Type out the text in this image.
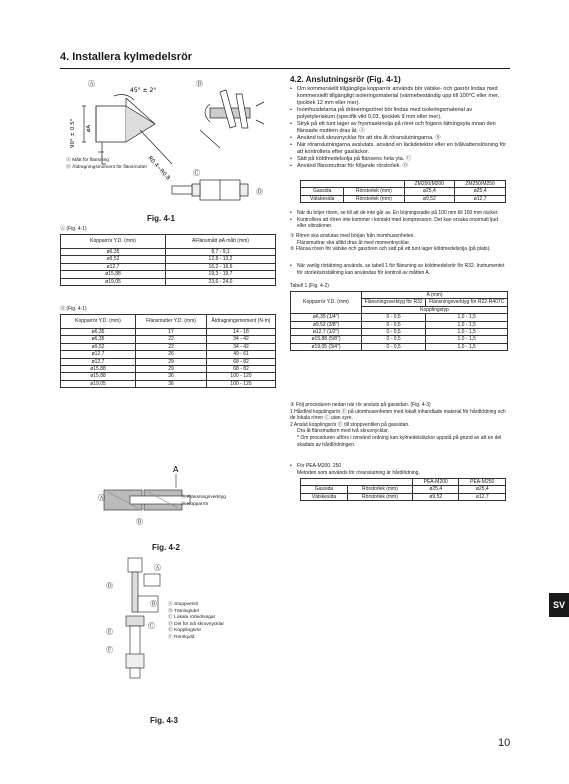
4. Installera kylmedelsrör
Ⓐ
45° ± 2°
90° ± 0.5° øA
R0.4~R0.8
Ⓑ
Ⓒ
Ⓓ
Ⓐ Mått för flänsning
Ⓑ Åtdragningsmoment för flänsmutter
Fig. 4-1
Ⓐ (Fig. 4-1)
Kopparrör Y.D. (mm)	AFlänsmått øA mått (mm)
ø6,35	8,7 - 9,1
ø9,52	12,8 - 13,2
ø12,7	16,2 - 16,6
ø15,88	19,3 - 19,7
ø19,05	23,6 - 24,0
Ⓑ (Fig. 4-1)
Kopparrör Y.D. (mm)	Flänsmutter Y.D. (mm)	Åtdragningsmoment (N·m)
ø6,35	17	14 - 18
ø6,35	22	34 - 42
ø9,52	22	34 - 42
ø12,7	26	49 - 61
ø12,7	29	68 - 82
ø15,88	29	68 - 82
ø15,88	36	100 - 120
ø19,05	36	100 - 120
A
Ⓐ
Ⓑ
Ⓐ Flänsningsverktyg
Ⓑ Kopparrör
Fig. 4-2
Ⓐ
Ⓑ
Ⓒ
Ⓓ
Ⓔ
Ⓕ
Ⓐ Stoppventil
Ⓑ Tätningsdel
Ⓒ Lokala rörledningar
Ⓓ Del för två skruvnycklar
Ⓔ Kopplingsrör
Ⓕ Rörskydd
Fig. 4-3
4.2. Anslutningsrör (Fig. 4-1)
• Om kommersiellt tillgängliga kopparrör används bör vätske- och gasrör lindas med kommersiellt tillgängligt isoleringsmaterial (värmebeständig upp till 100°C eller mer, tjocklek 12 mm eller mer).
• Inomhusdelarna på dräneringsröret bör lindas med isoleringsmaterial av polyetylenskum (specifik vikt 0,03, tjocklek 9 mm eller mer).
• Stryk på ett tunt lager av frysmaskinolja på röret och fogens tätningsyta innan den flänsade muttern dras åt. Ⓐ
• Använd två skruvnycklar för att dra åt röranslutningarna. Ⓑ
• När röranslutningarna avslutats, använd en läckdetektor eller en tvålvattenslösning för att kontrollera efter gasläckor.
• Sätt på köldmedelsolja på flänsens hela yta. Ⓒ
• Använd flänsmuttrar för följande rörstorlek. Ⓓ
		ZM200/M200	ZM250/M250
Gassida	Rörstorlek (mm)	ø25,4	ø25,4
Vätskesida	Rörstorlek (mm)	ø9,52	ø12,7
• När du böjer rören, se till att de inte går av. En böjningsradie på 100 mm till 150 mm räcker.
• Kontrollera att rören inte kommer i kontakt med kompressorn. Det kan orsaka onormalt ljud eller vibrationer.
① Rören ska anslutas med början från inomhusenheten.
Flänsmuttrar ska alltid dras åt med momentnycklar.
② Flänsa rören för vätske och gasrören och sätt på ett tunt lager köldmedelsolja (på plats).
• När vanlig rörtätning används, se tabell 1 för flänsning av köldmedelsrör för R32. Instrumentet för storleksinställning kan användas för kontroll av måtten A.
Tabell 1 (Fig. 4-2)
Kopparrör Y.D. (mm)	A (mm)	
	Flänsningsverktyg för R32	Flänsningsverktyg för R22·R407C
	Kopplingstyp	
ø6,35 (1/4")	0 - 0,5	1,0 - 1,5
ø9,52 (3/8")	0 - 0,5	1,0 - 1,5
ø12,7 (1/2")	0 - 0,5	1,0 - 1,5
ø15,88 (5/8")	0 - 0,5	1,0 - 1,5
ø19,05 (3/4")	0 - 0,5	1,0 - 1,5
③ Följ proceduren nedan när rör ansluts på gassidan. (Fig. 4-3)
1 Hårdlöd kopplingsrör Ⓔ på utomhusenheten med lokalt inhandlade material för hårdlödning och de lokala rören Ⓒ utan syre.
2 Anslut kopplingsrör Ⓔ till stoppventilen på gassidan.
Dra åt flänsmuttern med två skruvnycklar.
* Om proceduren utförs i omvänd ordning kan kylmedelsläckor uppstå på grund av att en del skadats av hårdlödningen.
• För PEA-M200, 250
Metoden som används för röranslutning är hårdlödning.
		PEA-M200	PEA-M250
Gassida	Rörstorlek (mm)	ø25,4	ø25,4
Vätskesida	Rörstorlek (mm)	ø9,52	ø12,7
SV
10
